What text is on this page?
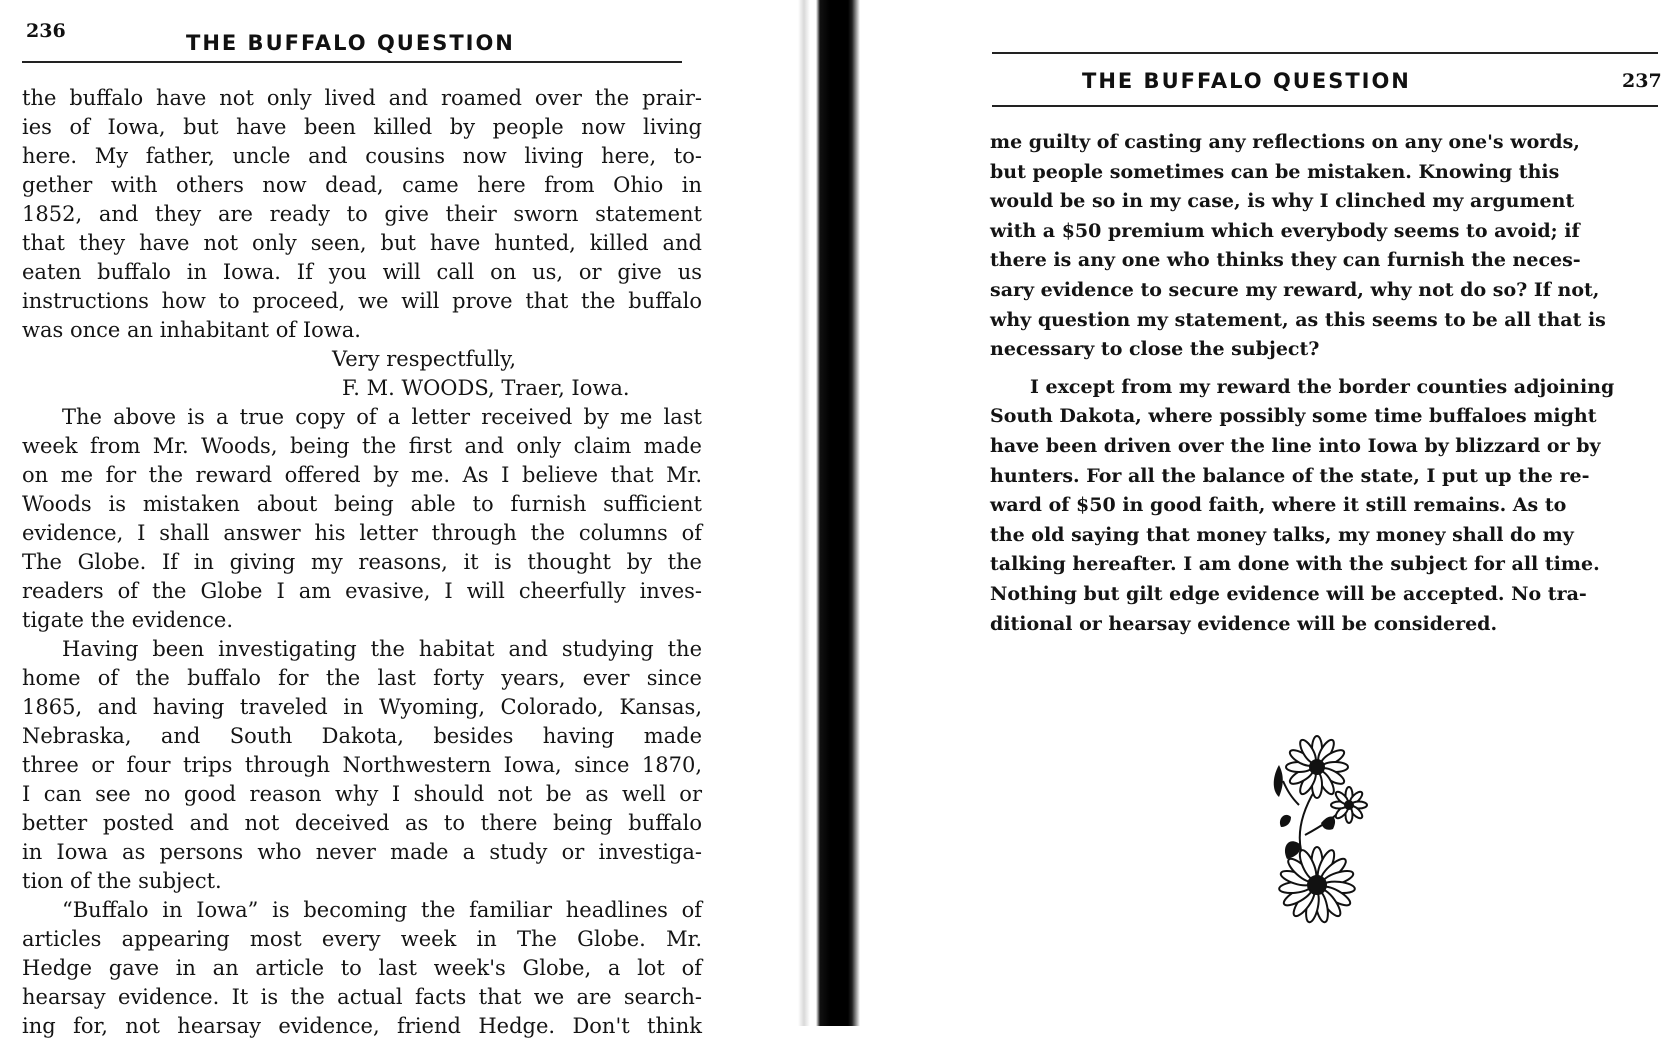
236	THE BUFFALO QUESTION
the buffalo have not only lived and roamed over the prair-
ies of Iowa, but have been killed by people now living
here. My father, uncle and cousins now living here, to-
gether with others now dead, came here from Ohio in
1852, and they are ready to give their sworn statement
that they have not only seen, but have hunted, killed and
eaten buffalo in Iowa. If you will call on us, or give us
instructions how to proceed, we will prove that the buffalo
was once an inhabitant of Iowa.
Very respectfully,
F. M. WOODS, Traer, Iowa.
The above is a true copy of a letter received by me last
week from Mr. Woods, being the first and only claim made
on me for the reward offered by me. As I believe that Mr.
Woods is mistaken about being able to furnish sufficient
evidence, I shall answer his letter through the columns of
The Globe. If in giving my reasons, it is thought by the
readers of the Globe I am evasive, I will cheerfully inves-
tigate the evidence.
Having been investigating the habitat and studying the
home of the buffalo for the last forty years, ever since
1865, and having traveled in Wyoming, Colorado, Kansas,
Nebraska, and South Dakota, besides having made
three or four trips through Northwestern Iowa, since 1870,
I can see no good reason why I should not be as well or
better posted and not deceived as to there being buffalo
in Iowa as persons who never made a study or investiga-
tion of the subject.
“Buffalo in Iowa” is becoming the familiar headlines of
articles appearing most every week in The Globe. Mr.
Hedge gave in an article to last week's Globe, a lot of
hearsay evidence. It is the actual facts that we are search-
ing for, not hearsay evidence, friend Hedge. Don't think
THE BUFFALO QUESTION	237
me guilty of casting any reflections on any one's words,
but people sometimes can be mistaken. Knowing this
would be so in my case, is why I clinched my argument
with a $50 premium which everybody seems to avoid; if
there is any one who thinks they can furnish the neces-
sary evidence to secure my reward, why not do so? If not,
why question my statement, as this seems to be all that is
necessary to close the subject?
I except from my reward the border counties adjoining
South Dakota, where possibly some time buffaloes might
have been driven over the line into Iowa by blizzard or by
hunters. For all the balance of the state, I put up the re-
ward of $50 in good faith, where it still remains. As to
the old saying that money talks, my money shall do my
talking hereafter. I am done with the subject for all time.
Nothing but gilt edge evidence will be accepted. No tra-
ditional or hearsay evidence will be considered.
